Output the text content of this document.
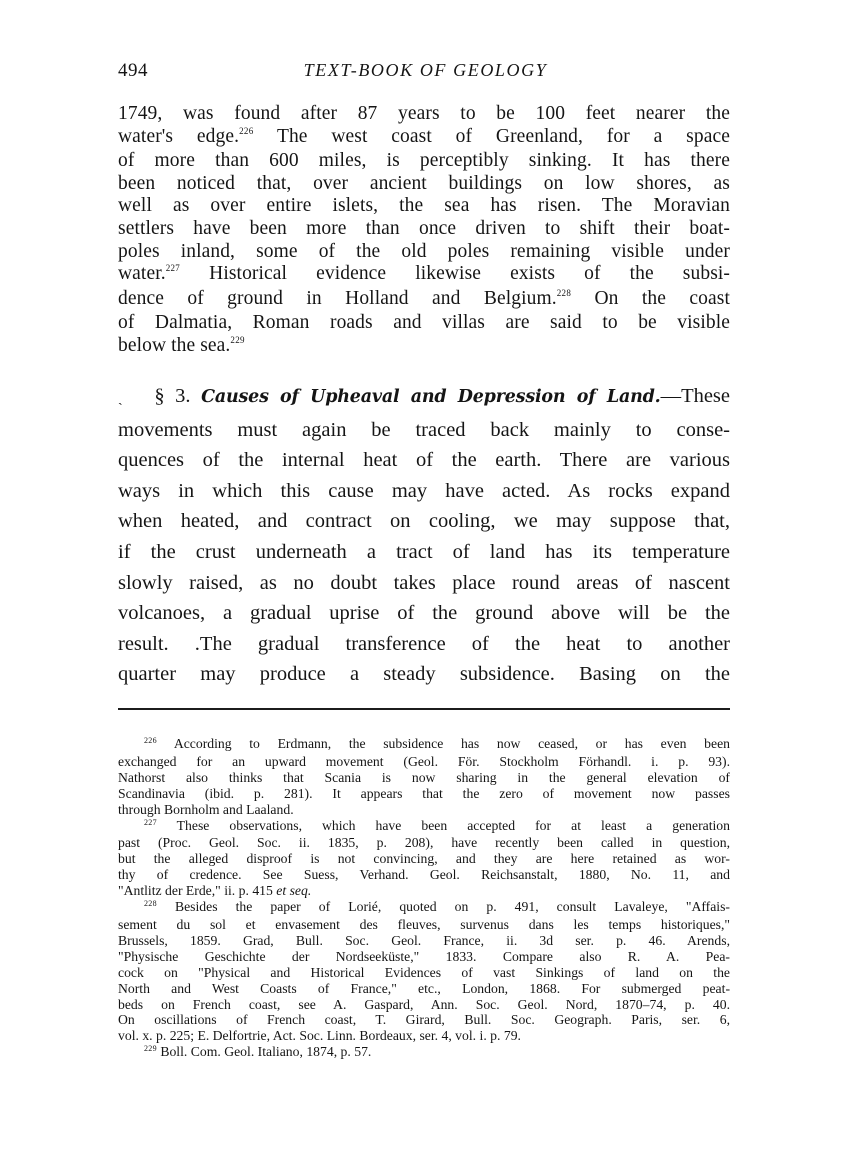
494	TEXT-BOOK OF GEOLOGY
1749, was found after 87 years to be 100 feet nearer the
water's edge.$^{226}$ The west coast of Greenland, for a space
of more than 600 miles, is perceptibly sinking. It has there
been noticed that, over ancient buildings on low shores, as
well as over entire islets, the sea has risen. The Moravian
settlers have been more than once driven to shift their boat-
poles inland, some of the old poles remaining visible under
water.$^{227}$ Historical evidence likewise exists of the subsi-
dence of ground in Holland and Belgium.$^{228}$ On the coast
of Dalmatia, Roman roads and villas are said to be visible
below the sea.$^{229}$
ˎ § 3. Causes of Upheaval and Depression of Land.—These
movements must again be traced back mainly to conse-
quences of the internal heat of the earth. There are various
ways in which this cause may have acted. As rocks expand
when heated, and contract on cooling, we may suppose that,
if the crust underneath a tract of land has its temperature
slowly raised, as no doubt takes place round areas of nascent
volcanoes, a gradual uprise of the ground above will be the
result. .The gradual transference of the heat to another
quarter may produce a steady subsidence. Basing on the
$^{226}$ According to Erdmann, the subsidence has now ceased, or has even been
exchanged for an upward movement (Geol. För. Stockholm Förhandl. i. p. 93).
Nathorst also thinks that Scania is now sharing in the general elevation of
Scandinavia (ibid. p. 281). It appears that the zero of movement now passes
through Bornholm and Laaland.
$^{227}$ These observations, which have been accepted for at least a generation
past (Proc. Geol. Soc. ii. 1835, p. 208), have recently been called in question,
but the alleged disproof is not convincing, and they are here retained as wor-
thy of credence. See Suess, Verhand. Geol. Reichsanstalt, 1880, No. 11, and
"Antlitz der Erde," ii. p. 415 et seq.
$^{228}$ Besides the paper of Lorié, quoted on p. 491, consult Lavaleye, "Affais-
sement du sol et envasement des fleuves, survenus dans les temps historiques,"
Brussels, 1859. Grad, Bull. Soc. Geol. France, ii. 3d ser. p. 46. Arends,
"Physische Geschichte der Nordseeküste," 1833. Compare also R. A. Pea-
cock on "Physical and Historical Evidences of vast Sinkings of land on the
North and West Coasts of France," etc., London, 1868. For submerged peat-
beds on French coast, see A. Gaspard, Ann. Soc. Geol. Nord, 1870–74, p. 40.
On oscillations of French coast, T. Girard, Bull. Soc. Geograph. Paris, ser. 6,
vol. x. p. 225; E. Delfortrie, Act. Soc. Linn. Bordeaux, ser. 4, vol. i. p. 79.
$^{229}$ Boll. Com. Geol. Italiano, 1874, p. 57.
